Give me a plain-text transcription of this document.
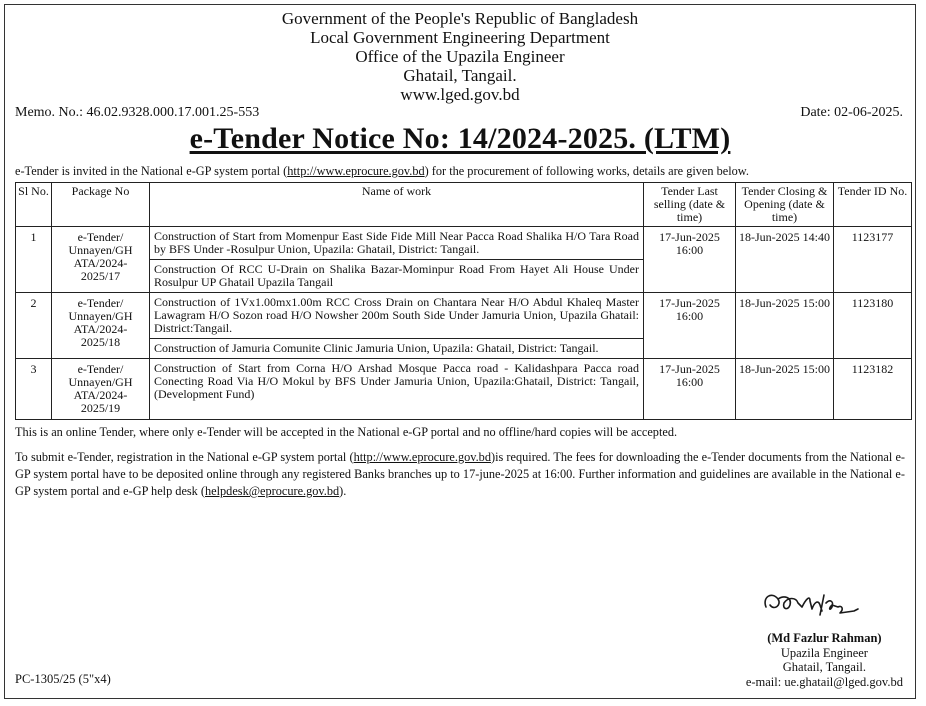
Government of the People's Republic of Bangladesh
Local Government Engineering Department
Office of the Upazila Engineer
Ghatail, Tangail.
www.lged.gov.bd
Memo. No.: 46.02.9328.000.17.001.25-553	Date: 02-06-2025.
e-Tender Notice No: 14/2024-2025. (LTM)
e-Tender is invited in the National e-GP system portal (http://www.eprocure.gov.bd) for the procurement of following works, details are given below.
Sl No.	Package No	Name of work	Tender Last selling (date & time)	Tender Closing & Opening (date & time)	Tender ID No.
1	e-Tender/ Unnayen/GH ATA/2024-2025/17	Construction of Start from Momenpur East Side Fide Mill Near Pacca Road Shalika H/O Tara Road by BFS Under -Rosulpur Union, Upazila: Ghatail, District: Tangail.	17-Jun-2025 16:00	18-Jun-2025 14:40	1123177
		Construction Of RCC U-Drain on Shalika Bazar-Mominpur Road From Hayet Ali House Under Rosulpur UP Ghatail Upazila Tangail			
2	e-Tender/ Unnayen/GH ATA/2024-2025/18	Construction of 1Vx1.00mx1.00m RCC Cross Drain on Chantara Near H/O Abdul Khaleq Master Lawagram H/O Sozon road H/O Nowsher 200m South Side Under Jamuria Union, Upazila Ghatail: District:Tangail.	17-Jun-2025 16:00	18-Jun-2025 15:00	1123180
		Construction of Jamuria Comunite Clinic Jamuria Union, Upazila: Ghatail, District: Tangail.			
3	e-Tender/ Unnayen/GH ATA/2024-2025/19	Construction of Start from Corna H/O Arshad Mosque Pacca road - Kalidashpara Pacca road Conecting Road Via H/O Mokul by BFS Under Jamuria Union, Upazila:Ghatail, District: Tangail, (Development Fund)	17-Jun-2025 16:00	18-Jun-2025 15:00	1123182
This is an online Tender, where only e-Tender will be accepted in the National e-GP portal and no offline/hard copies will be accepted.
To submit e-Tender, registration in the National e-GP system portal (http://www.eprocure.gov.bd)is required. The fees for downloading the e-Tender documents from the National e-GP system portal have to be deposited online through any registered Banks branches up to 17-june-2025 at 16:00. Further information and guidelines are available in the National e-GP system portal and e-GP help desk (helpdesk@eprocure.gov.bd).
(Md Fazlur Rahman)
Upazila Engineer
Ghatail, Tangail.
e-mail: ue.ghatail@lged.gov.bd
PC-1305/25 (5"x4)
